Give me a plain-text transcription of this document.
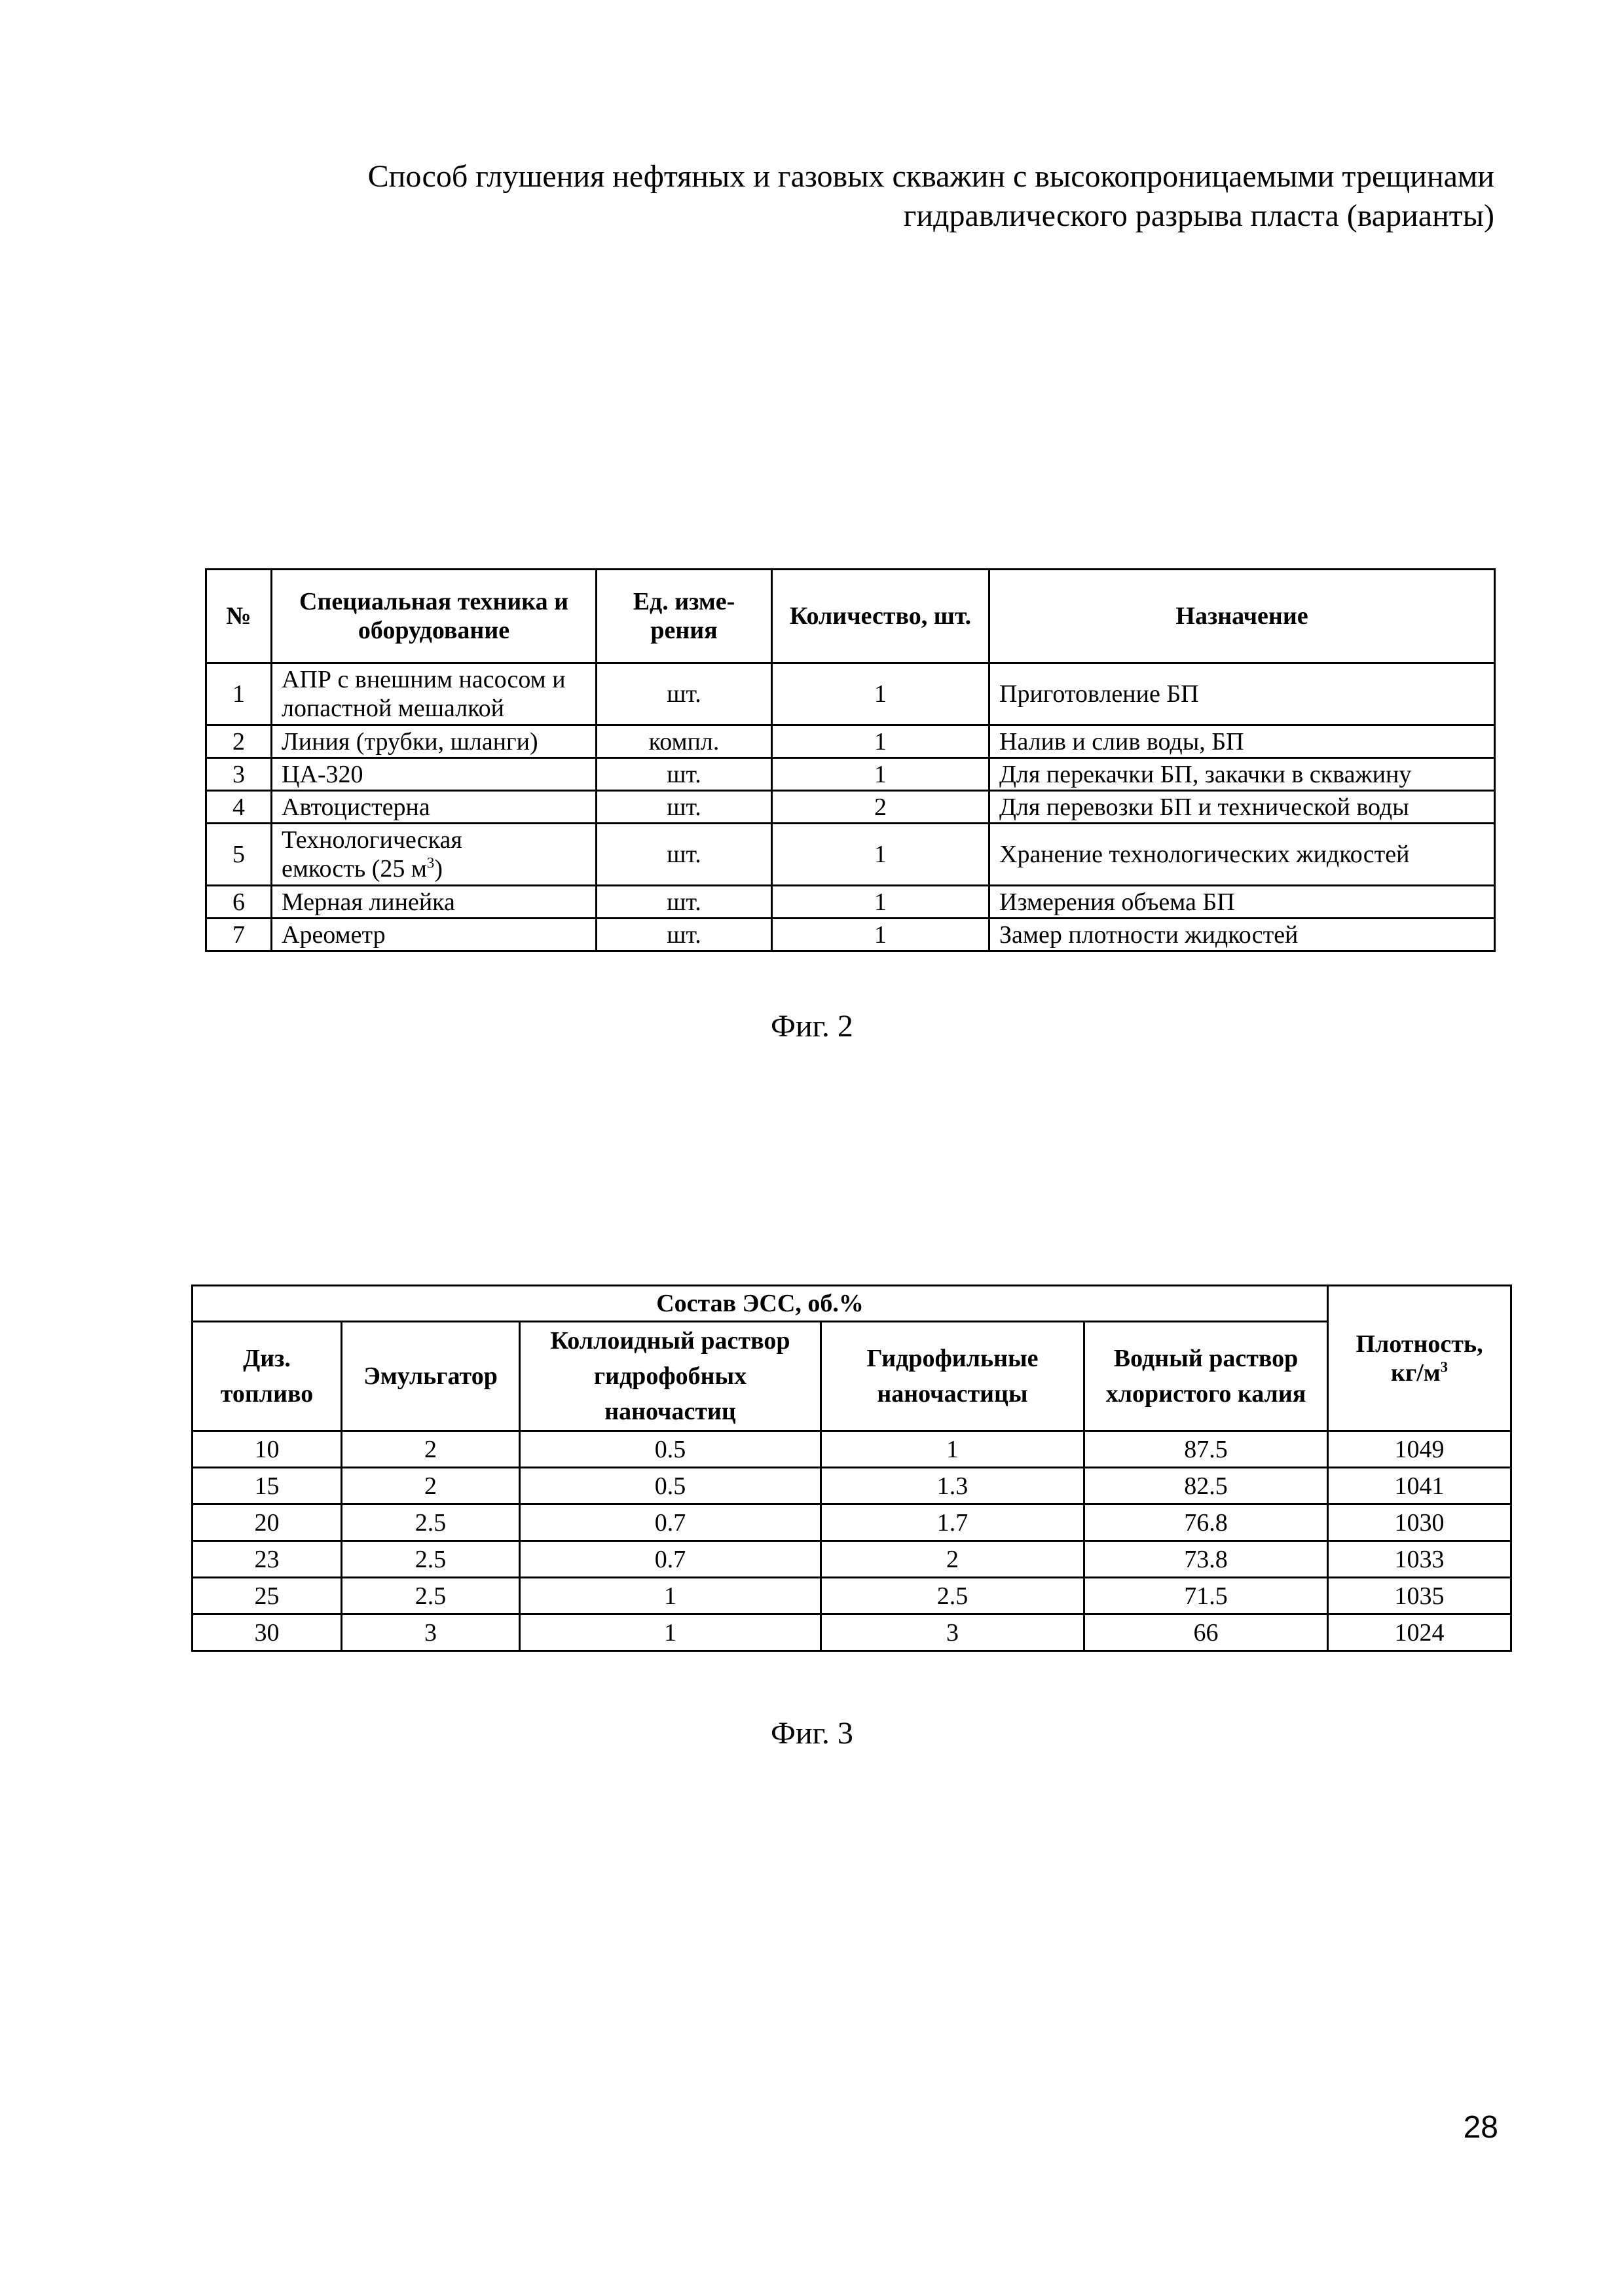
Способ глушения нефтяных и газовых скважин с высокопроницаемыми трещинами
гидравлического разрыва пласта (варианты)
№	Специальная техника и оборудование	Ед. изме-рения	Количество, шт.	Назначение
1	АПР с внешним насосом и лопастной мешалкой	шт.	1	Приготовление БП
2	Линия (трубки, шланги)	компл.	1	Налив и слив воды, БП
3	ЦА-320	шт.	1	Для перекачки БП, закачки в скважину
4	Автоцистерна	шт.	2	Для перевозки БП и технической воды
5	Технологическая
емкость (25 м3)	шт.	1	Хранение технологических жидкостей
6	Мерная линейка	шт.	1	Измерения объема БП
7	Ареометр	шт.	1	Замер плотности жидкостей
Фиг. 2
Состав ЭСС, об.%	Плотность, кг/м3
Диз. топливо	Эмульгатор	Коллоидный раствор гидрофобных наночастиц	Гидрофильные наночастицы	Водный раствор хлористого калия
10	2	0.5	1	87.5	1049
15	2	0.5	1.3	82.5	1041
20	2.5	0.7	1.7	76.8	1030
23	2.5	0.7	2	73.8	1033
25	2.5	1	2.5	71.5	1035
30	3	1	3	66	1024
Фиг. 3
28
